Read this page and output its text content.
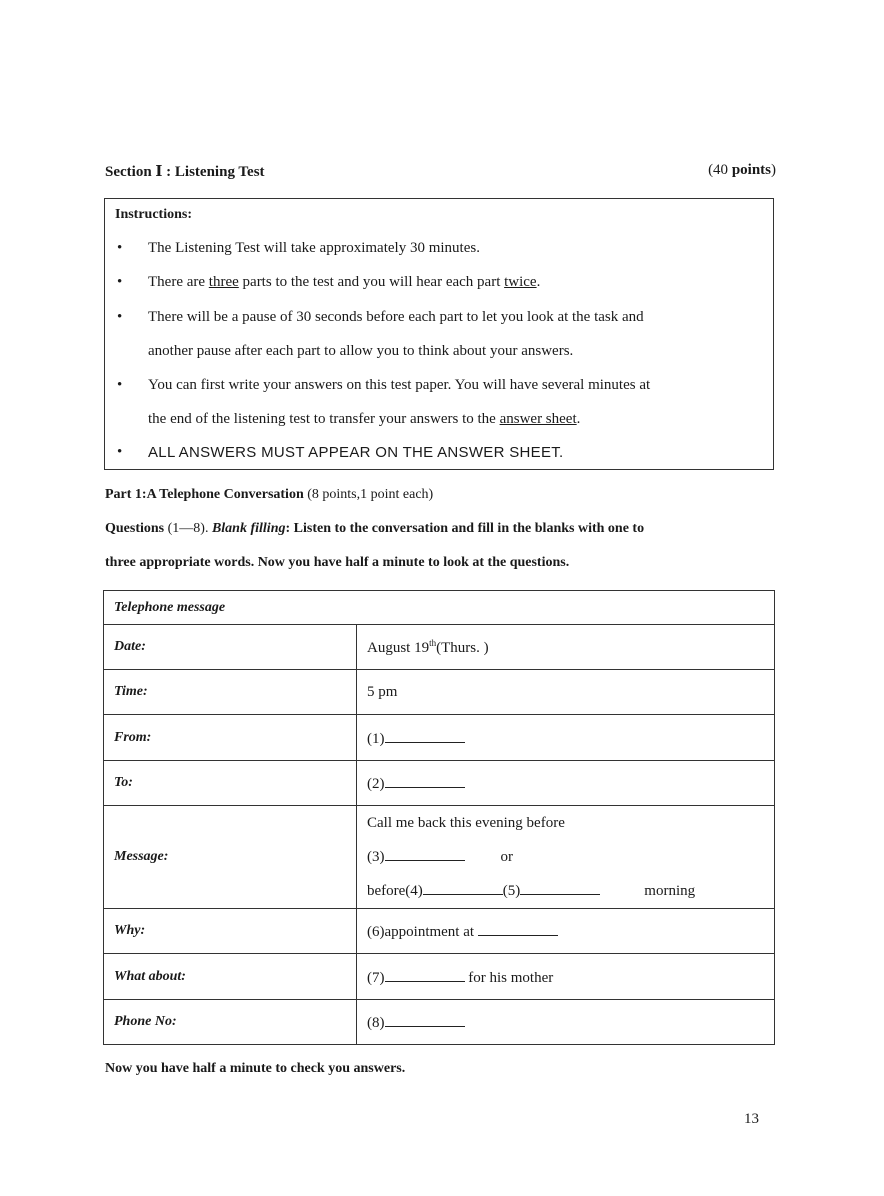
Section Ⅰ : Listening Test	(40 points)
Instructions:
• The Listening Test will take approximately 30 minutes.
• There are three parts to the test and you will hear each part twice.
• There will be a pause of 30 seconds before each part to let you look at the task and
another pause after each part to allow you to think about your answers.
• You can first write your answers on this test paper. You will have several minutes at
the end of the listening test to transfer your answers to the answer sheet.
• ALL ANSWERS MUST APPEAR ON THE ANSWER SHEET.
Part 1:A Telephone Conversation (8 points,1 point each)
Questions (1—8). Blank filling: Listen to the conversation and fill in the blanks with one to
three appropriate words. Now you have half a minute to look at the questions.
Telephone message	
Date:	August 19th(Thurs. )
Time:	5 pm
From:	(1)
To:	(2)
Message:	Call me back this evening before
(3) or
before(4) (5) morning

Why:	(6)appointment at
What about:	(7) for his mother
Phone No:	(8)
Now you have half a minute to check you answers.
13
